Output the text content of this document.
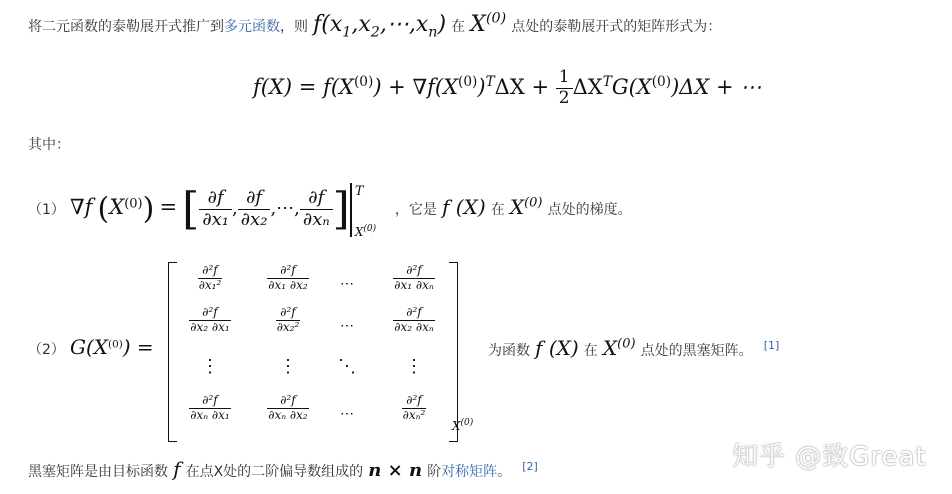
将二元函数的泰勒展开式推广到多元函数，则 $f(x_1,x_2,\cdots,x_n)$ 在 $X^{(0)}$ 点处的泰勒展开式的矩阵形式为：
$f(X) = f(X^{(0)}) + \nabla f(X^{(0)})^T\Delta X + \frac{1}{2} \Delta X^TG(X^{(0)})\Delta X$ + ⋯
其中：
（1） ∇f $(X^{(0)})$ = [ $\frac{\partial f}{\text{∂x₁}}$ , $\frac{\partial f}{\text{∂x₂}}$ ,⋯, $\frac{\partial f}{\text{∂xₙ}}$ ] T
$X^{(0)}$
，它是 f (X) 在 $X^{(0)}$ 点处的梯度。
（2） $G(X^{(0)})$ =
$\frac{\text{∂²f}}{\text{∂x₁²}}$	$\frac{\text{∂²f}}{\text{∂x₁ ∂x₂}}$	⋯	$\frac{\text{∂²f}}{\text{∂x₁ ∂xₙ}}$
$\frac{\text{∂²f}}{\text{∂x₂ ∂x₁}}$	$\frac{\text{∂²f}}{\text{∂x₂²}}$	⋯	$\frac{\text{∂²f}}{\text{∂x₂ ∂xₙ}}$
⋮	⋮	⋱	⋮
$\frac{\text{∂²f}}{\text{∂xₙ ∂x₁}}$	$\frac{\text{∂²f}}{\text{∂xₙ ∂x₂}}$	⋯	$\frac{\text{∂²f}}{\text{∂xₙ²}}$
$X^{(0)}$
为函数 f (X) 在 $X^{(0)}$ 点处的黑塞矩阵。 [1]
黑塞矩阵是由目标函数 f 在点X处的二阶偏导数组成的 n × n 阶对称矩阵。 [2]	知乎 @致Great
